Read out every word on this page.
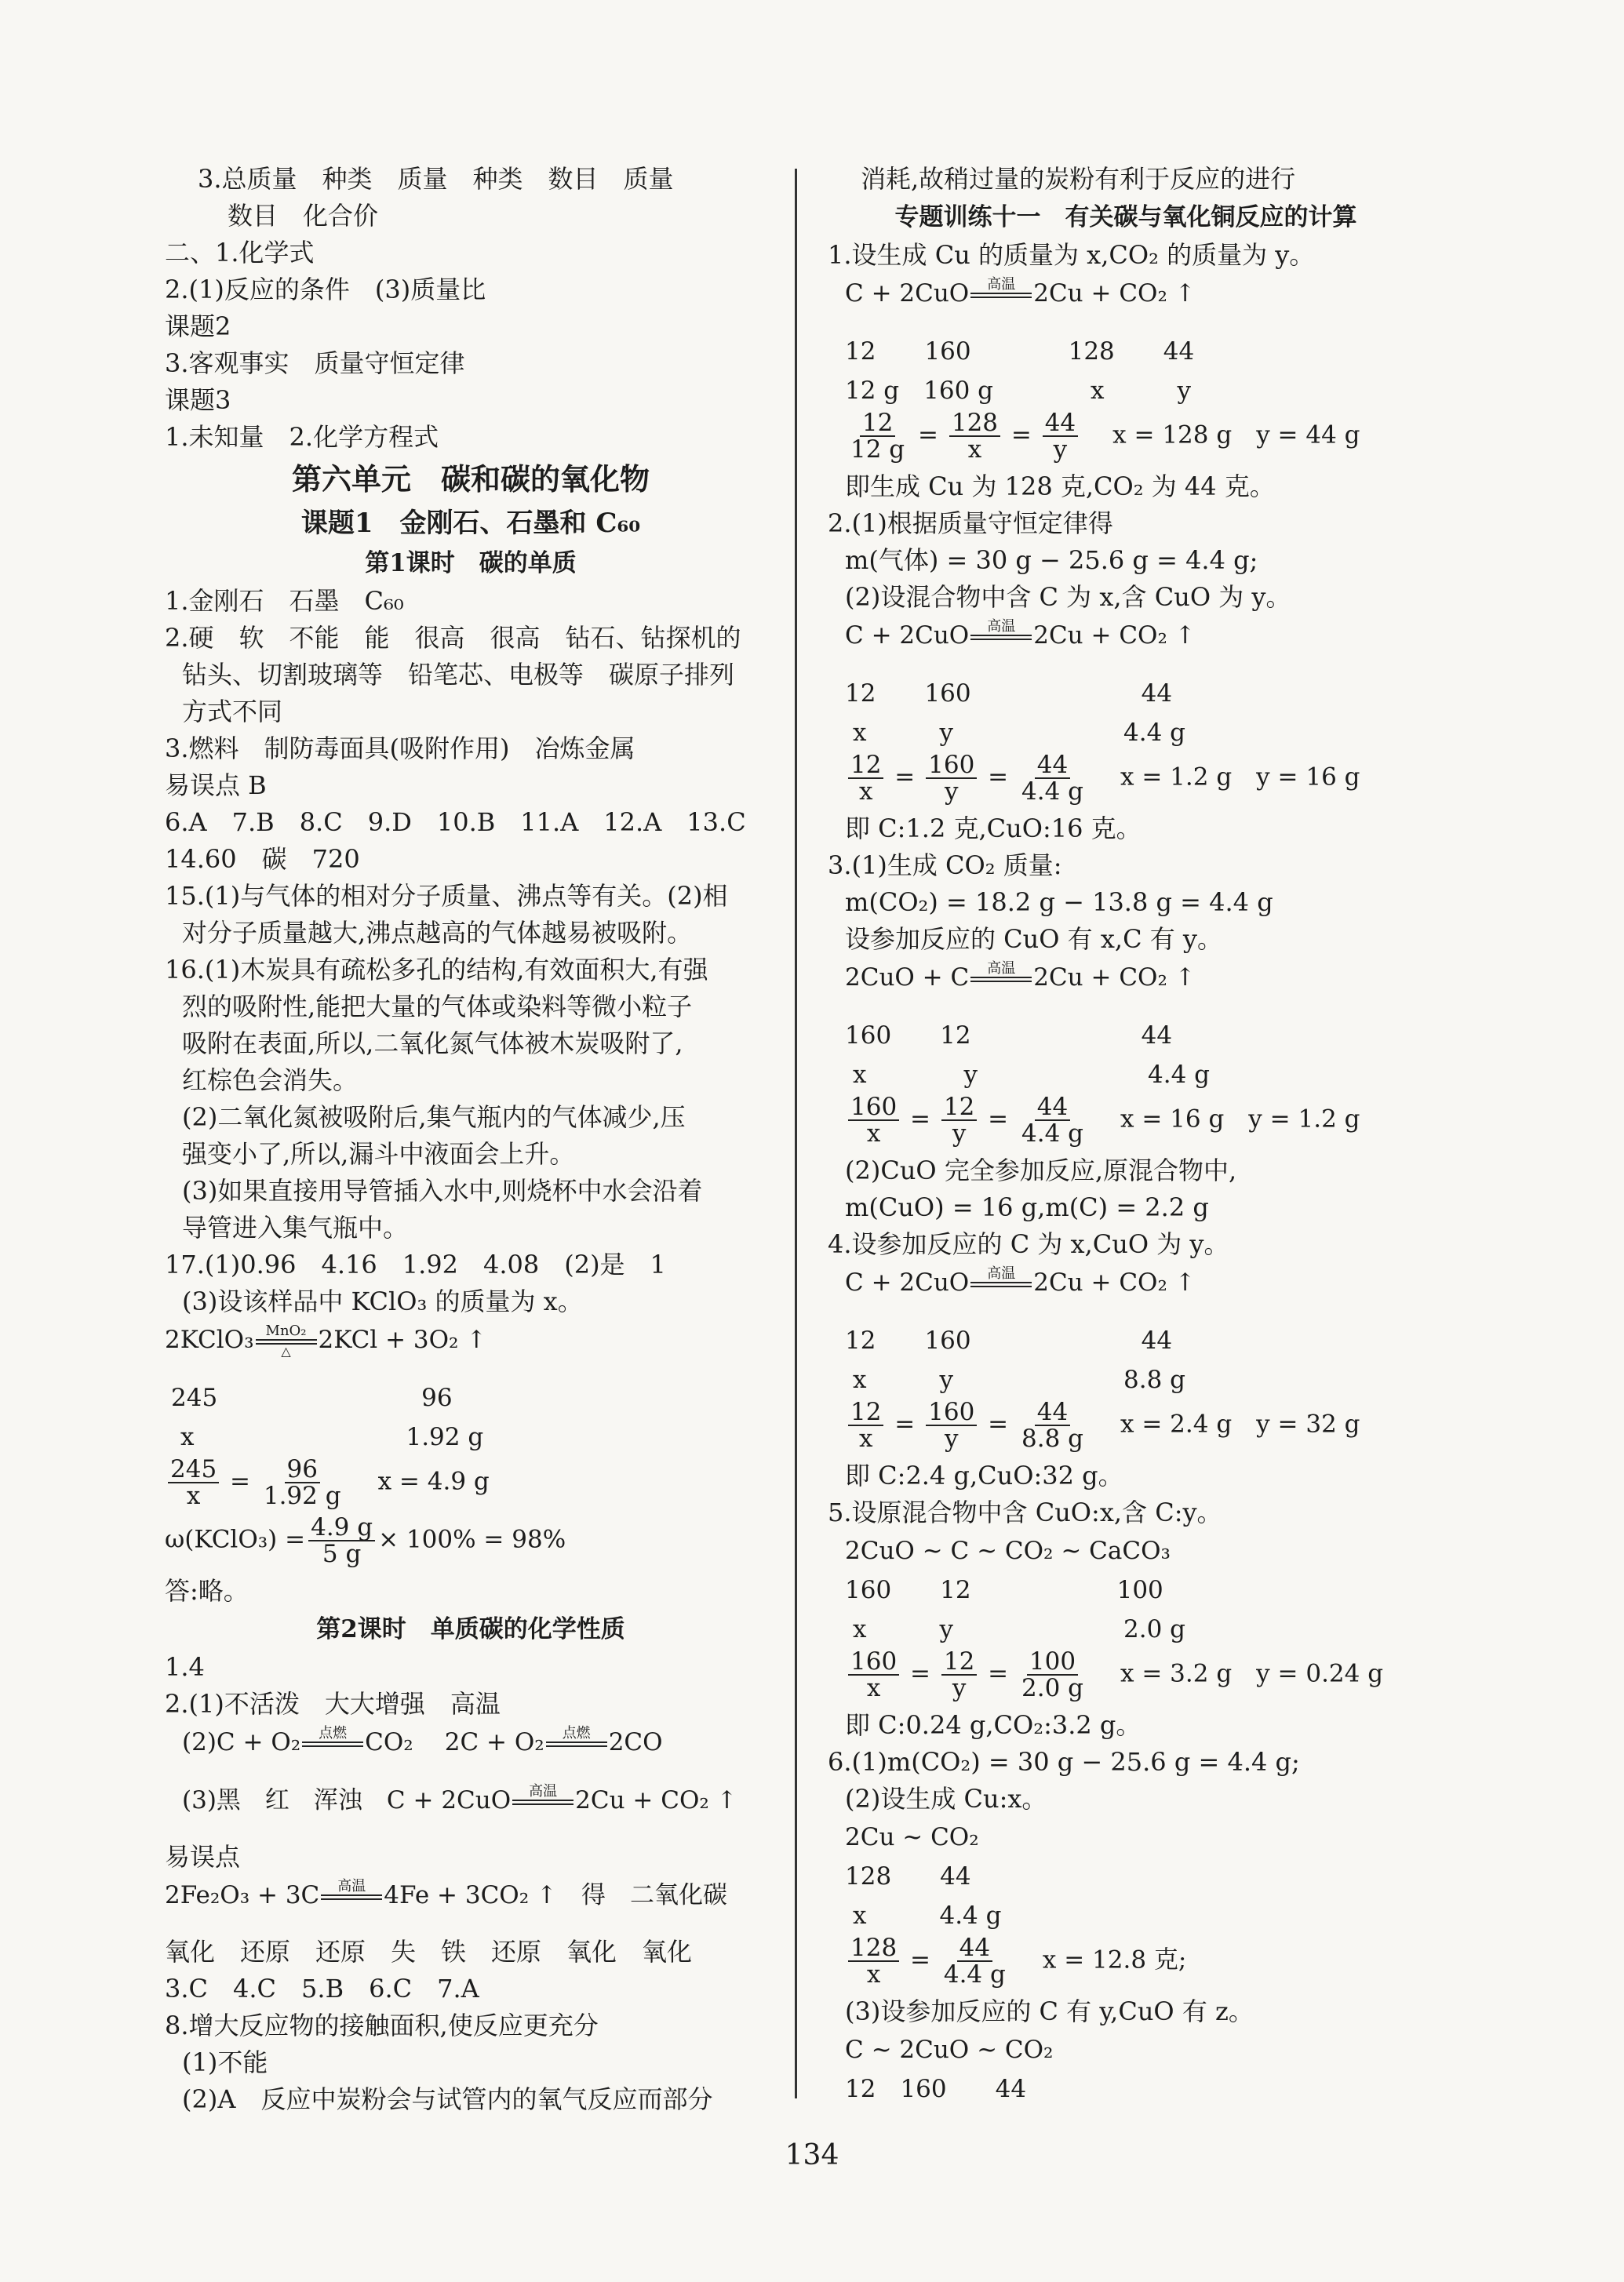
3.总质量　种类　质量　种类　数目　质量
数目　化合价
二、1.化学式
2.(1)反应的条件　(3)质量比
课题2
3.客观事实　质量守恒定律
课题3
1.未知量　2.化学方程式
第六单元　碳和碳的氧化物
课题1　金刚石、石墨和 C₆₀
第1课时　碳的单质
1.金刚石　石墨　C₆₀
2.硬　软　不能　能　很高　很高　钻石、钻探机的
钻头、切割玻璃等　铅笔芯、电极等　碳原子排列
方式不同
3.燃料　制防毒面具(吸附作用)　冶炼金属
易误点 B
6.A　7.B　8.C　9.D　10.B　11.A　12.A　13.C
14.60　碳　720
15.(1)与气体的相对分子质量、沸点等有关。(2)相
对分子质量越大,沸点越高的气体越易被吸附。
16.(1)木炭具有疏松多孔的结构,有效面积大,有强
烈的吸附性,能把大量的气体或染料等微小粒子
吸附在表面,所以,二氧化氮气体被木炭吸附了,
红棕色会消失。
(2)二氧化氮被吸附后,集气瓶内的气体减少,压
强变小了,所以,漏斗中液面会上升。
(3)如果直接用导管插入水中,则烧杯中水会沿着
导管进入集气瓶中。
17.(1)0.96　4.16　1.92　4.08　(2)是　1
(3)设该样品中 KClO₃ 的质量为 x。
2KClO₃ MnO₂
△ 2KCl + 3O₂ ↑
245	96
x	1.92 g
$\frac{245}{x} = \frac{96}{1.92 g}$ x = 4.9 g
ω(KClO₃) = $\frac{4.9 g}{5 g} \times 100\% = 98\%$
答:略。
第2课时　单质碳的化学性质
1.4
2.(1)不活泼　大大增强　高温
(2)C + O₂ 点燃
CO₂ 2C + O₂ 点燃
2CO
(3)黑　红　浑浊　C + 2CuO 高温
2Cu + CO₂ ↑
易误点
2Fe₂O₃ + 3C 高温
4Fe + 3CO₂ ↑　得　二氧化碳
氧化　还原　还原　失　铁　还原　氧化　氧化
3.C　4.C　5.B　6.C　7.A
8.增大反应物的接触面积,使反应更充分
(1)不能
(2)A　反应中炭粉会与试管内的氧气反应而部分
消耗,故稍过量的炭粉有利于反应的进行
专题训练十一　有关碳与氧化铜反应的计算
1.设生成 Cu 的质量为 x,CO₂ 的质量为 y。
C + 2CuO 高温
2Cu + CO₂ ↑
12　　160　　　　128　　44
12 g　160 g　　　　x　　　y
$\frac{12}{12 g} = \frac{128}{x} = \frac{44}{y}$ x = 128 g　y = 44 g
即生成 Cu 为 128 克,CO₂ 为 44 克。
2.(1)根据质量守恒定律得
m(气体) = 30 g − 25.6 g = 4.4 g;
(2)设混合物中含 C 为 x,含 CuO 为 y。
C + 2CuO 高温
2Cu + CO₂ ↑
12　　160　　　　　　　44
x　　　y　　　　　　　4.4 g
$\frac{12}{x} = \frac{160}{y} = \frac{44}{4.4 g}$ x = 1.2 g　y = 16 g
即 C:1.2 克,CuO:16 克。
3.(1)生成 CO₂ 质量:
m(CO₂) = 18.2 g − 13.8 g = 4.4 g
设参加反应的 CuO 有 x,C 有 y。
2CuO + C 高温
2Cu + CO₂ ↑
160　　12　　　　　　　44
x　　　　y　　　　　　　4.4 g
$\frac{160}{x} = \frac{12}{y} = \frac{44}{4.4 g}$ x = 16 g　y = 1.2 g
(2)CuO 完全参加反应,原混合物中,
m(CuO) = 16 g,m(C) = 2.2 g
4.设参加反应的 C 为 x,CuO 为 y。
C + 2CuO 高温
2Cu + CO₂ ↑
12　　160　　　　　　　44
x　　　y　　　　　　　8.8 g
$\frac{12}{x} = \frac{160}{y} = \frac{44}{8.8 g}$ x = 2.4 g　y = 32 g
即 C:2.4 g,CuO:32 g。
5.设原混合物中含 CuO:x,含 C:y。
2CuO ~ C ~ CO₂ ~ CaCO₃
160　　12　　　　　　100
x　　　y　　　　　　　2.0 g
$\frac{160}{x} = \frac{12}{y} = \frac{100}{2.0 g}$ x = 3.2 g　y = 0.24 g
即 C:0.24 g,CO₂:3.2 g。
6.(1)m(CO₂) = 30 g − 25.6 g = 4.4 g;
(2)设生成 Cu:x。
2Cu ~ CO₂
128　　44
x　　　4.4 g
$\frac{128}{x} = \frac{44}{4.4 g}$ x = 12.8 克;
(3)设参加反应的 C 有 y,CuO 有 z。
C ~ 2CuO ~ CO₂
12　160　　44
134
